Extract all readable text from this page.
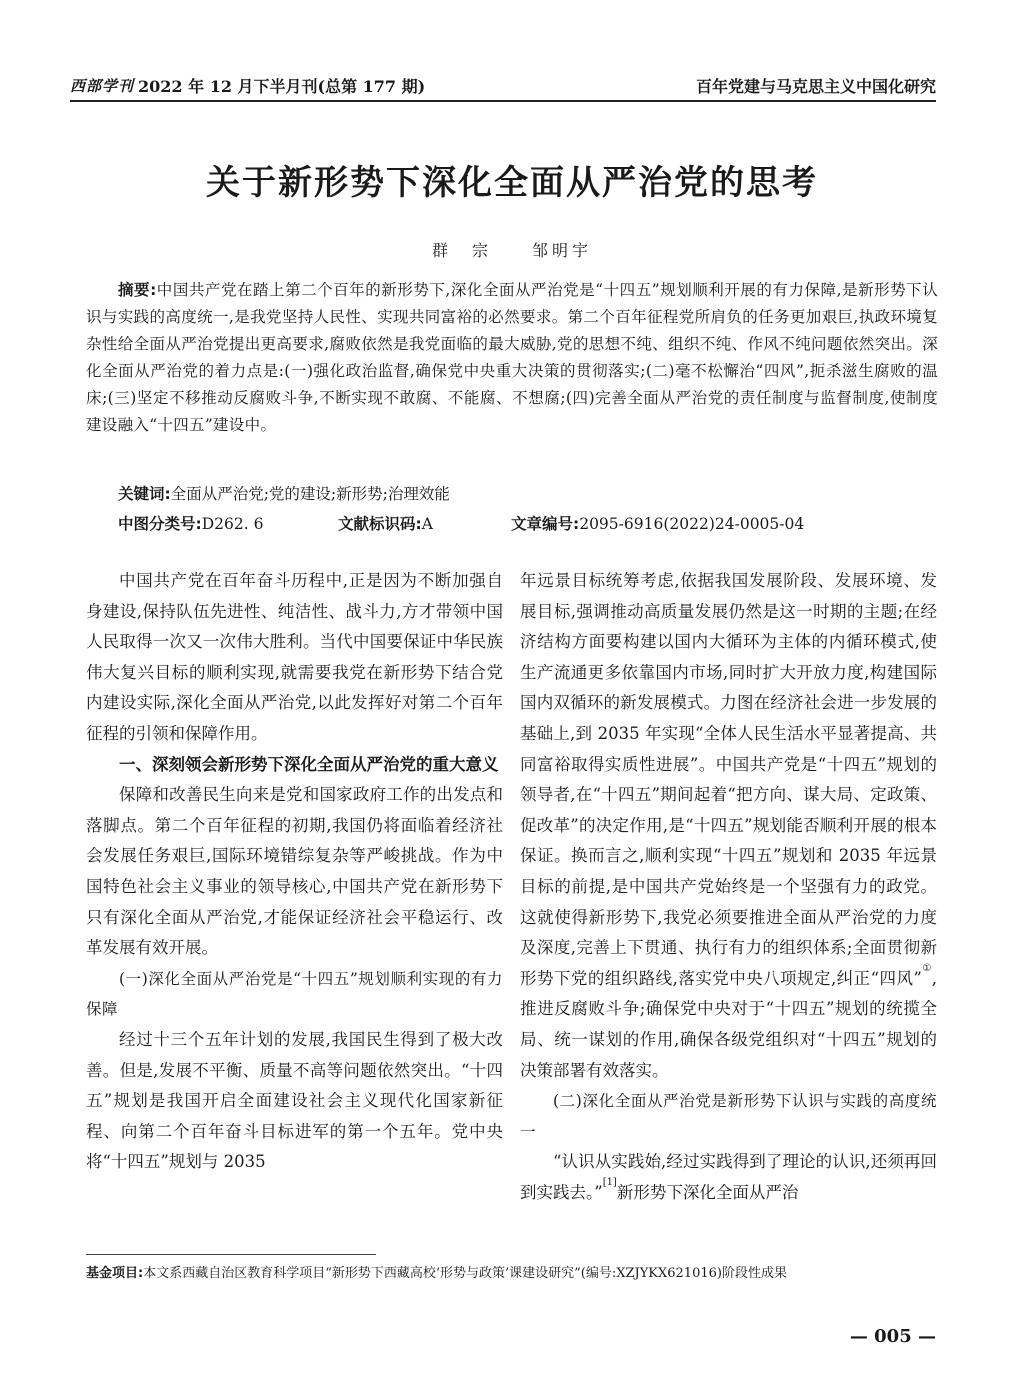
西部学刊 2022 年 12 月下半月刊(总第 177 期)	百年党建与马克思主义中国化研究
关于新形势下深化全面从严治党的思考
群　宗　　邹明宇
摘要:中国共产党在踏上第二个百年的新形势下,深化全面从严治党是“十四五”规划顺利开展的有力保障,是新形势下认识与实践的高度统一,是我党坚持人民性、实现共同富裕的必然要求。第二个百年征程党所肩负的任务更加艰巨,执政环境复杂性给全面从严治党提出更高要求,腐败依然是我党面临的最大威胁,党的思想不纯、组织不纯、作风不纯问题依然突出。深化全面从严治党的着力点是:(一)强化政治监督,确保党中央重大决策的贯彻落实;(二)毫不松懈治“四风”,扼杀滋生腐败的温床;(三)坚定不移推动反腐败斗争,不断实现不敢腐、不能腐、不想腐;(四)完善全面从严治党的责任制度与监督制度,使制度建设融入“十四五”建设中。
关键词:全面从严治党;党的建设;新形势;治理效能
中图分类号:D262. 6	文献标识码:A	文章编号:2095-6916(2022)24-0005-04

中国共产党在百年奋斗历程中,正是因为不断加强自身建设,保持队伍先进性、纯洁性、战斗力,方才带领中国人民取得一次又一次伟大胜利。当代中国要保证中华民族伟大复兴目标的顺利实现,就需要我党在新形势下结合党内建设实际,深化全面从严治党,以此发挥好对第二个百年征程的引领和保障作用。

一、深刻领会新形势下深化全面从严治党的重大意义

保障和改善民生向来是党和国家政府工作的出发点和落脚点。第二个百年征程的初期,我国仍将面临着经济社会发展任务艰巨,国际环境错综复杂等严峻挑战。作为中国特色社会主义事业的领导核心,中国共产党在新形势下只有深化全面从严治党,才能保证经济社会平稳运行、改革发展有效开展。

(一)深化全面从严治党是“十四五”规划顺利实现的有力保障

经过十三个五年计划的发展,我国民生得到了极大改善。但是,发展不平衡、质量不高等问题依然突出。“十四五”规划是我国开启全面建设社会主义现代化国家新征程、向第二个百年奋斗目标进军的第一个五年。党中央将“十四五”规划与 2035

年远景目标统筹考虑,依据我国发展阶段、发展环境、发展目标,强调推动高质量发展仍然是这一时期的主题;在经济结构方面要构建以国内大循环为主体的内循环模式,使生产流通更多依靠国内市场,同时扩大开放力度,构建国际国内双循环的新发展模式。力图在经济社会进一步发展的基础上,到 2035 年实现“全体人民生活水平显著提高、共同富裕取得实质性进展”。中国共产党是“十四五”规划的领导者,在“十四五”期间起着“把方向、谋大局、定政策、促改革”的决定作用,是“十四五”规划能否顺利开展的根本保证。换而言之,顺利实现“十四五”规划和 2035 年远景目标的前提,是中国共产党始终是一个坚强有力的政党。这就使得新形势下,我党必须要推进全面从严治党的力度及深度,完善上下贯通、执行有力的组织体系;全面贯彻新形势下党的组织路线,落实党中央八项规定,纠正“四风”①,推进反腐败斗争;确保党中央对于“十四五”规划的统揽全局、统一谋划的作用,确保各级党组织对“十四五”规划的决策部署有效落实。

(二)深化全面从严治党是新形势下认识与实践的高度统一

“认识从实践始,经过实践得到了理论的认识,还须再回到实践去。”[1]新形势下深化全面从严治

基金项目:本文系西藏自治区教育科学项目“新形势下西藏高校‘形势与政策’课建设研究”(编号:XZJYKX621016)阶段性成果
— 005 —
